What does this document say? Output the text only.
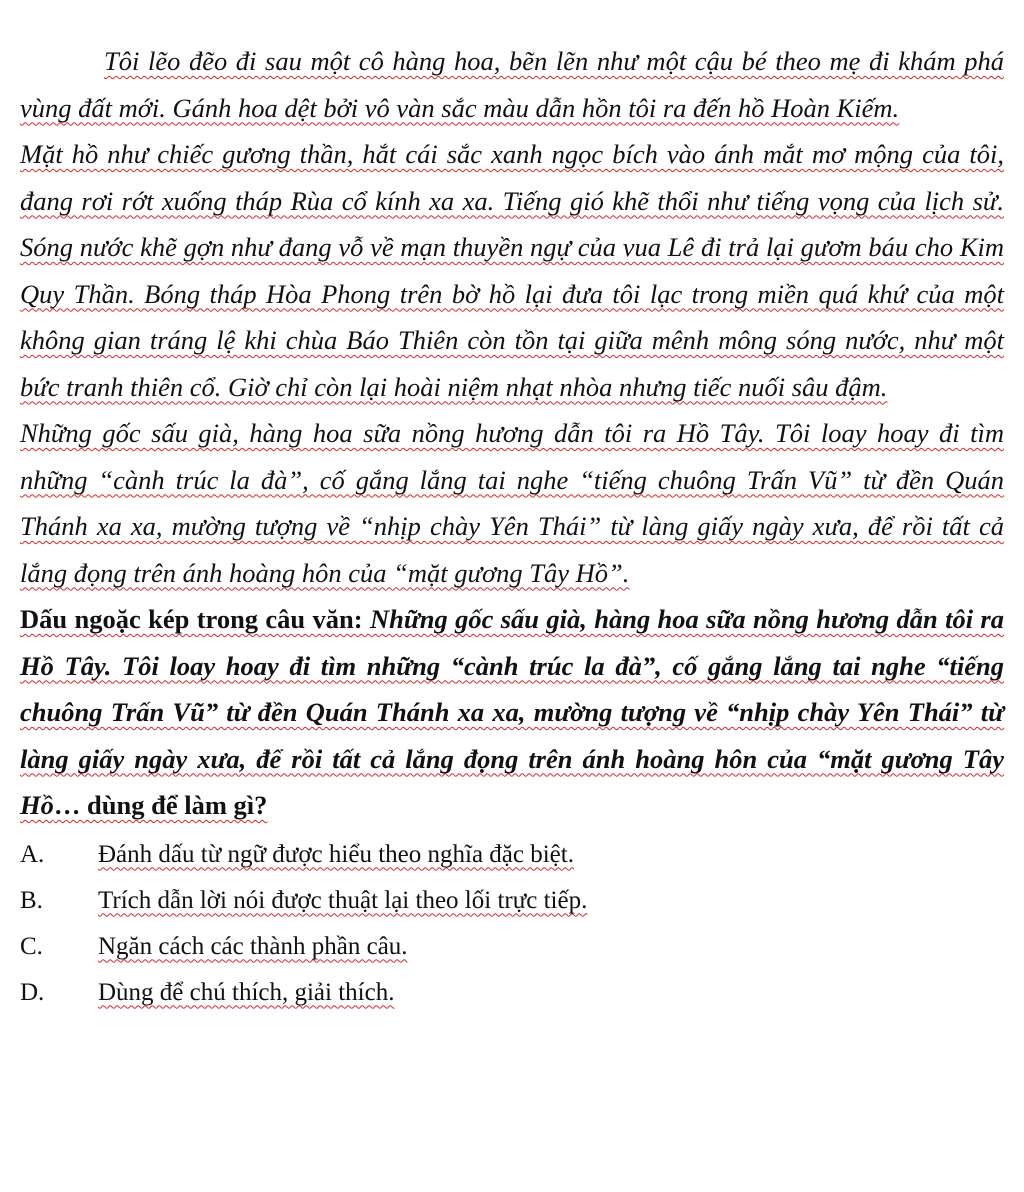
Tôi lẽo đẽo đi sau một cô hàng hoa, bẽn lẽn như một cậu bé theo mẹ đi khám phá vùng đất mới. Gánh hoa dệt bởi vô vàn sắc màu dẫn hồn tôi ra đến hồ Hoàn Kiếm.

Mặt hồ như chiếc gương thần, hắt cái sắc xanh ngọc bích vào ánh mắt mơ mộng của tôi, đang rơi rớt xuống tháp Rùa cổ kính xa xa. Tiếng gió khẽ thổi như tiếng vọng của lịch sử. Sóng nước khẽ gợn như đang vỗ về mạn thuyền ngự của vua Lê đi trả lại gươm báu cho Kim Quy Thần. Bóng tháp Hòa Phong trên bờ hồ lại đưa tôi lạc trong miền quá khứ của một không gian tráng lệ khi chùa Báo Thiên còn tồn tại giữa mênh mông sóng nước, như một bức tranh thiên cổ. Giờ chỉ còn lại hoài niệm nhạt nhòa nhưng tiếc nuối sâu đậm.

Những gốc sấu già, hàng hoa sữa nồng hương dẫn tôi ra Hồ Tây. Tôi loay hoay đi tìm những “cành trúc la đà”, cố gắng lắng tai nghe “tiếng chuông Trấn Vũ” từ đền Quán Thánh xa xa, mường tượng về “nhịp chày Yên Thái” từ làng giấy ngày xưa, để rồi tất cả lắng đọng trên ánh hoàng hôn của “mặt gương Tây Hồ”.

Dấu ngoặc kép trong câu văn: Những gốc sấu già, hàng hoa sữa nồng hương dẫn tôi ra Hồ Tây. Tôi loay hoay đi tìm những “cành trúc la đà”, cố gắng lắng tai nghe “tiếng chuông Trấn Vũ” từ đền Quán Thánh xa xa, mường tượng về “nhịp chày Yên Thái” từ làng giấy ngày xưa, để rồi tất cả lắng đọng trên ánh hoàng hôn của “mặt gương Tây Hồ… dùng để làm gì?

A.	Đánh dấu từ ngữ được hiểu theo nghĩa đặc biệt.
B.	Trích dẫn lời nói được thuật lại theo lối trực tiếp.
C.	Ngăn cách các thành phần câu.
D.	Dùng để chú thích, giải thích.
